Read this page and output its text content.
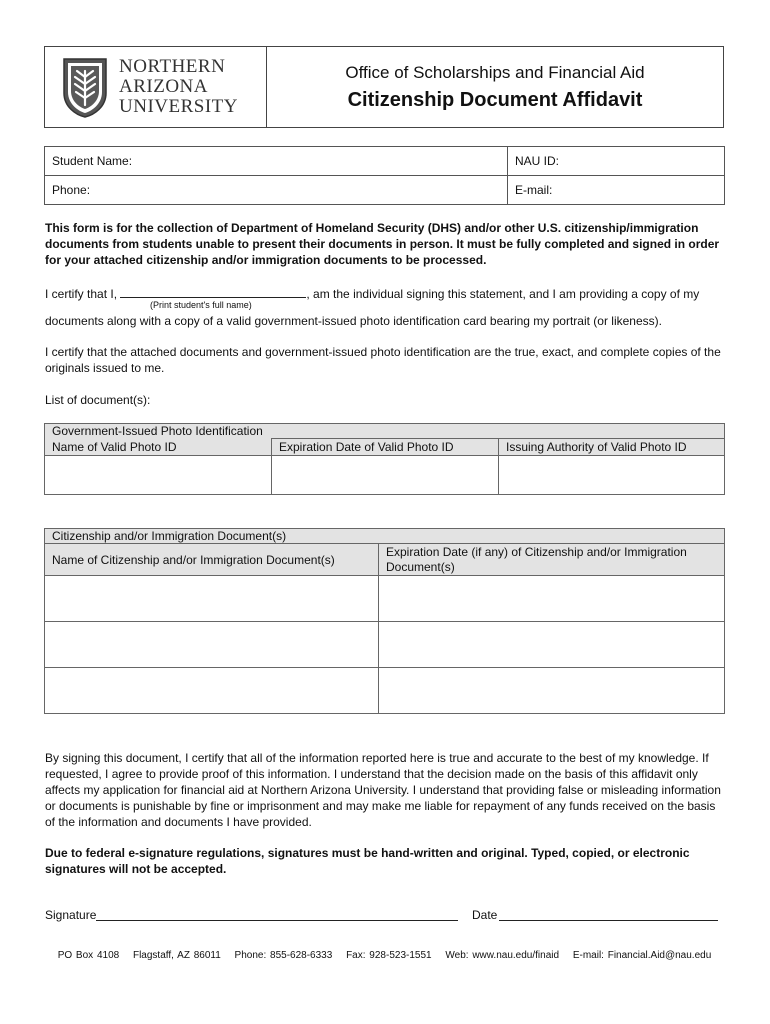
NORTHERN
ARIZONA
UNIVERSITY
Office of Scholarships and Financial Aid
Citizenship Document Affidavit
Student Name:	NAU ID:
Phone:	E-mail:
This form is for the collection of Department of Homeland Security (DHS) and/or other U.S. citizenship/immigration documents from students unable to present their documents in person. It must be fully completed and signed in order for your attached citizenship and/or immigration documents to be processed.
I certify that I,	, am the individual signing this statement, and I am providing a copy of my
(Print student's full name)
documents along with a copy of a valid government-issued photo identification card bearing my portrait (or likeness).
I certify that the attached documents and government-issued photo identification are the true, exact, and complete copies of the originals issued to me.
List of document(s):
Government-Issued Photo Identification		
Name of Valid Photo ID	Expiration Date of Valid Photo ID	Issuing Authority of Valid Photo ID

Citizenship and/or Immigration Document(s)	
Name of Citizenship and/or Immigration Document(s)	Expiration Date (if any) of Citizenship and/or Immigration Document(s)

By signing this document, I certify that all of the information reported here is true and accurate to the best of my knowledge. If requested, I agree to provide proof of this information. I understand that the decision made on the basis of this affidavit only affects my application for financial aid at Northern Arizona University. I understand that providing false or misleading information or documents is punishable by fine or imprisonment and may make me liable for repayment of any funds received on the basis of the information and documents I have provided.
Due to federal e-signature regulations, signatures must be hand-written and original. Typed, copied, or electronic signatures will not be accepted.
Signature	Date
PO Box 4108 Flagstaff, AZ 86011 Phone: 855-628-6333 Fax: 928-523-1551 Web: www.nau.edu/finaid E-mail: Financial.Aid@nau.edu
